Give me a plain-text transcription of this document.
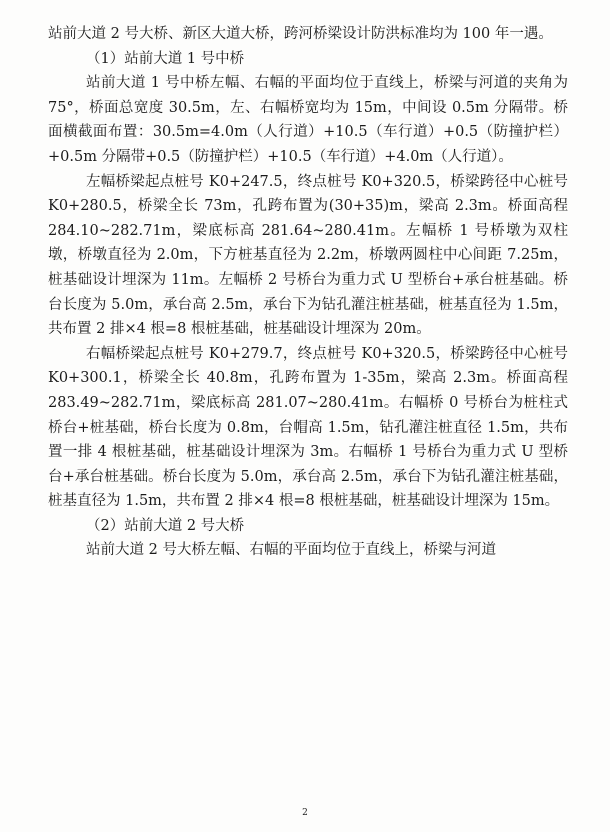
站前大道 2 号大桥、新区大道大桥，跨河桥梁设计防洪标准均为 100 年一遇。

（1）站前大道 1 号中桥

站前大道 1 号中桥左幅、右幅的平面均位于直线上，桥梁与河道的夹角为 75°，桥面总宽度 30.5m，左、右幅桥宽均为 15m，中间设 0.5m 分隔带。桥面横截面布置：30.5m=4.0m（人行道）+10.5（车行道）+0.5（防撞护栏）+0.5m 分隔带+0.5（防撞护栏）+10.5（车行道）+4.0m（人行道）。

左幅桥梁起点桩号 K0+247.5，终点桩号 K0+320.5，桥梁跨径中心桩号 K0+280.5，桥梁全长 73m，孔跨布置为(30+35)m，梁高 2.3m。桥面高程 284.10~282.71m，梁底标高 281.64~280.41m。左幅桥 1 号桥墩为双柱墩，桥墩直径为 2.0m，下方桩基直径为 2.2m，桥墩两圆柱中心间距 7.25m，桩基础设计埋深为 11m。左幅桥 2 号桥台为重力式 U 型桥台+承台桩基础。桥台长度为 5.0m，承台高 2.5m，承台下为钻孔灌注桩基础，桩基直径为 1.5m，共布置 2 排×4 根=8 根桩基础，桩基础设计埋深为 20m。

右幅桥梁起点桩号 K0+279.7，终点桩号 K0+320.5，桥梁跨径中心桩号 K0+300.1，桥梁全长 40.8m，孔跨布置为 1-35m，梁高 2.3m。桥面高程 283.49~282.71m，梁底标高 281.07~280.41m。右幅桥 0 号桥台为桩柱式桥台+桩基础，桥台长度为 0.8m，台帽高 1.5m，钻孔灌注桩直径 1.5m，共布置一排 4 根桩基础，桩基础设计埋深为 3m。右幅桥 1 号桥台为重力式 U 型桥台+承台桩基础。桥台长度为 5.0m，承台高 2.5m，承台下为钻孔灌注桩基础，桩基直径为 1.5m，共布置 2 排×4 根=8 根桩基础，桩基础设计埋深为 15m。

（2）站前大道 2 号大桥

站前大道 2 号大桥左幅、右幅的平面均位于直线上，桥梁与河道

2
